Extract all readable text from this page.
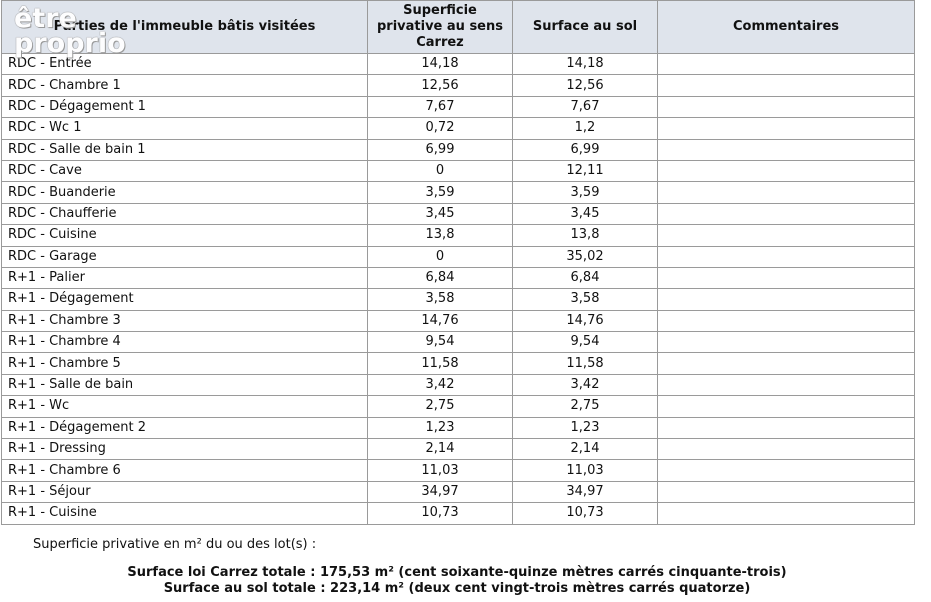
Parties de l'immeuble bâtis visitées	Superficie
privative au sens
Carrez	Surface au sol	Commentaires
RDC - Entrée	14,18	14,18	
RDC - Chambre 1	12,56	12,56	
RDC - Dégagement 1	7,67	7,67	
RDC - Wc 1	0,72	1,2	
RDC - Salle de bain 1	6,99	6,99	
RDC - Cave	0	12,11	
RDC - Buanderie	3,59	3,59	
RDC - Chaufferie	3,45	3,45	
RDC - Cuisine	13,8	13,8	
RDC - Garage	0	35,02	
R+1 - Palier	6,84	6,84	
R+1 - Dégagement	3,58	3,58	
R+1 - Chambre 3	14,76	14,76	
R+1 - Chambre 4	9,54	9,54	
R+1 - Chambre 5	11,58	11,58	
R+1 - Salle de bain	3,42	3,42	
R+1 - Wc	2,75	2,75	
R+1 - Dégagement 2	1,23	1,23	
R+1 - Dressing	2,14	2,14	
R+1 - Chambre 6	11,03	11,03	
R+1 - Séjour	34,97	34,97	
R+1 - Cuisine	10,73	10,73	
être
proprio
Superficie privative en m² du ou des lot(s) :
Surface loi Carrez totale : 175,53 m² (cent soixante-quinze mètres carrés cinquante-trois)
Surface au sol totale : 223,14 m² (deux cent vingt-trois mètres carrés quatorze)
